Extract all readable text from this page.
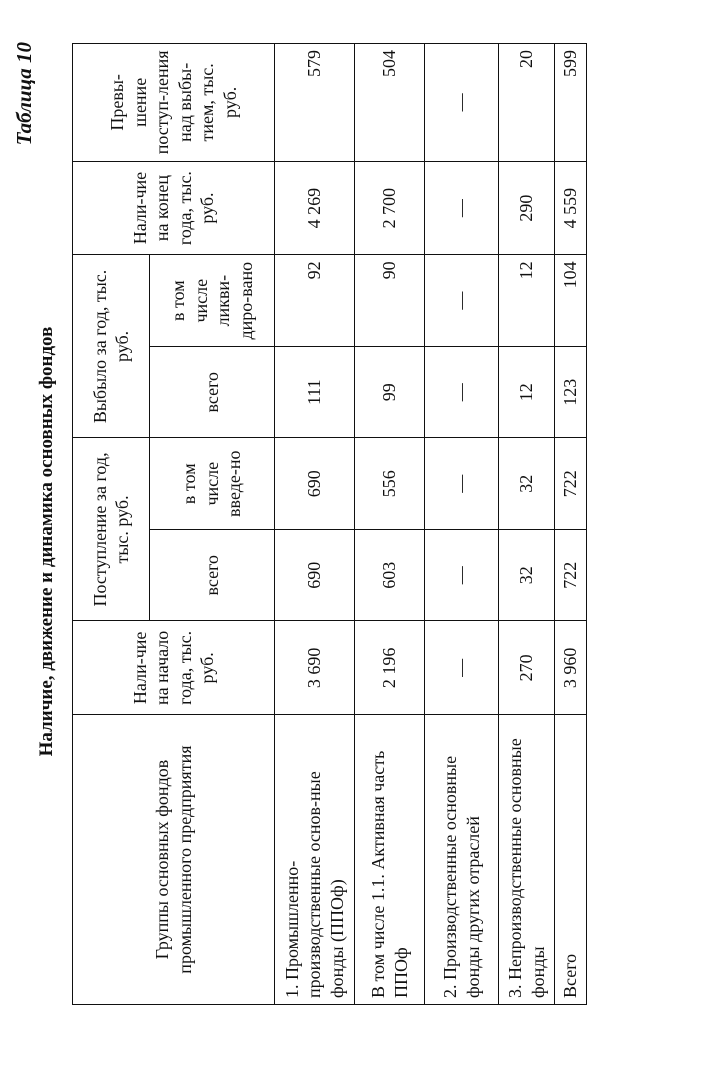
Таблица 10
Наличие, движение и динамика основных фондов
Группы основных фондов промышленного предприятия	Нали-чие на начало года, тыс. руб.	Поступление за год, тыс. руб.		Выбыло за год, тыс. руб.		Нали-чие на конец года, тыс. руб.	Превы-шение поступ-ления над выбы-тием, тыс. руб.
		всего	в том числе введе-но	всего	в том числе ликви-диро-вано		
1. Промышленно-производственные основ-ные фонды (ППОф)	3 690	690	690	111	92	4 269	579
В том числе 1.1. Активная часть ППОф	2 196	603	556	99	90	2 700	504
2. Производственные основные фонды других отраслей	—	—	—	—	—	—	—
3. Непроизводственные основные фонды	270	32	32	12	12	290	20
Всего	3 960	722	722	123	104	4 559	599
